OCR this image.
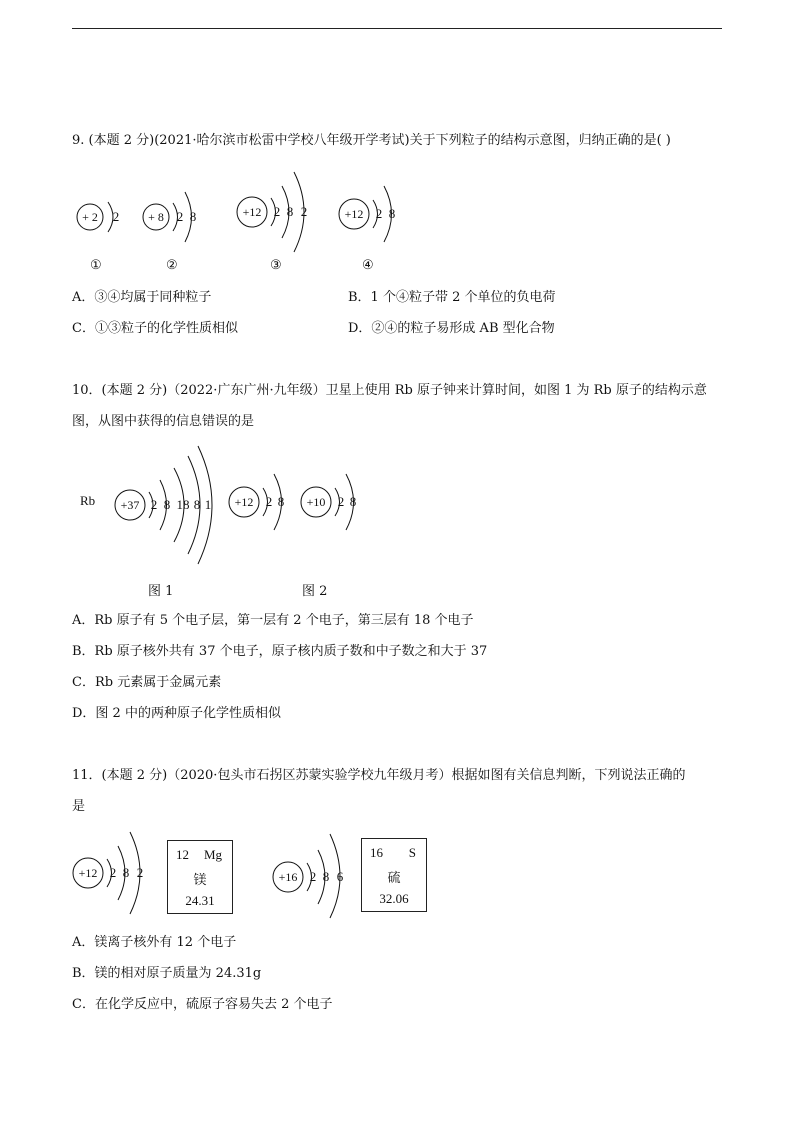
9. (本题 2 分)(2021·哈尔滨市松雷中学校八年级开学考试)关于下列粒子的结构示意图，归纳正确的是( )
+ 2 2 + 8 2 8	+12 2 8 2	+12 2 8
①	②	③	④
A．③④均属于同种粒子	B．1 个④粒子带 2 个单位的负电荷
C．①③粒子的化学性质相似	D．②④的粒子易形成 AB 型化合物
10．(本题 2 分)（2022·广东广州·九年级）卫星上使用 Rb 原子钟来计算时间，如图 1 为 Rb 原子的结构示意
图，从图中获得的信息错误的是
Rb +37 2 8 18 8 1 +12 2 8 +10 2 8
图 1	图 2
A．Rb 原子有 5 个电子层，第一层有 2 个电子，第三层有 18 个电子
B．Rb 原子核外共有 37 个电子，原子核内质子数和中子数之和大于 37
C．Rb 元素属于金属元素
D．图 2 中的两种原子化学性质相似
11．(本题 2 分)（2020·包头市石拐区苏蒙实验学校九年级月考）根据如图有关信息判断，下列说法正确的
是
+12 2 8 2
12 Mg
镁
24.31
+16 2 8 6
16 S
硫
32.06
A．镁离子核外有 12 个电子
B．镁的相对原子质量为 24.31g
C．在化学反应中，硫原子容易失去 2 个电子
